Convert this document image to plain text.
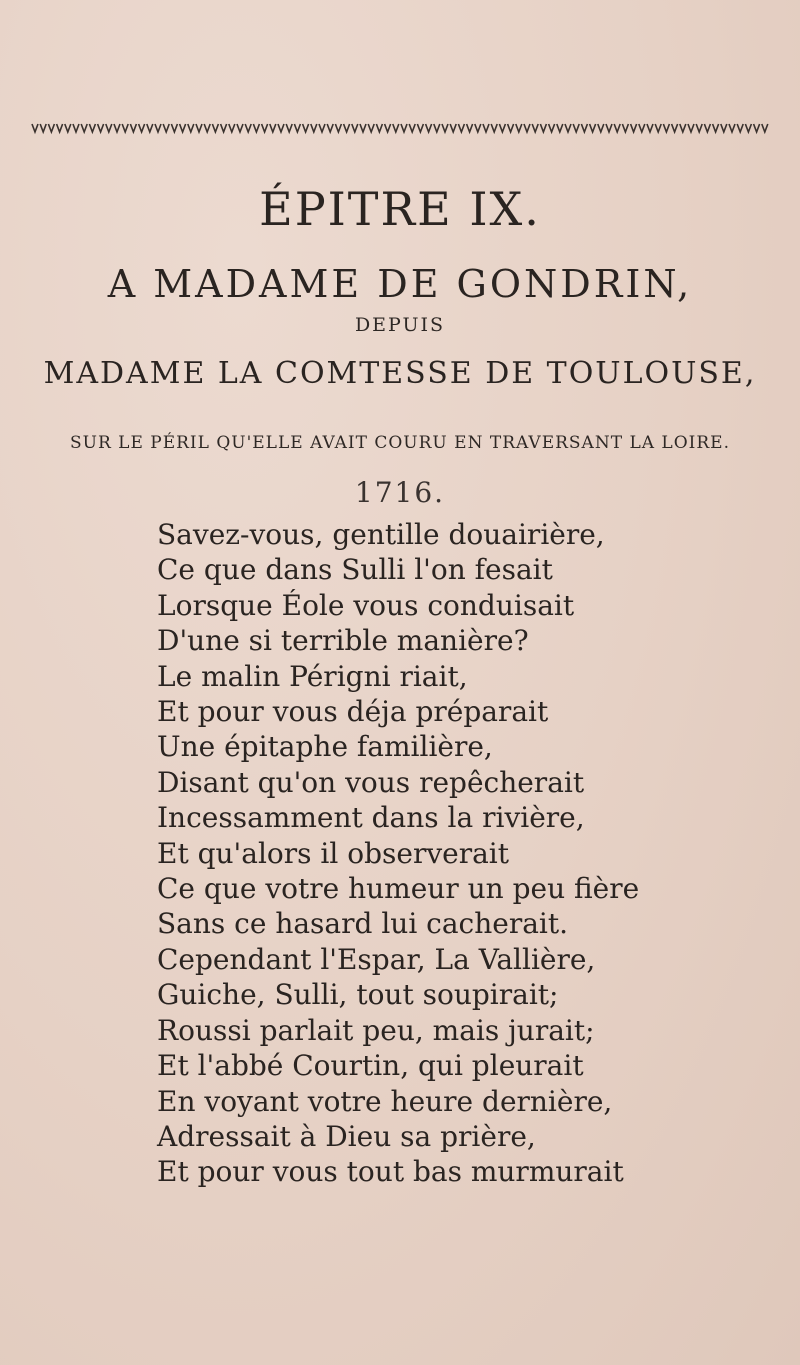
ÉPITRE IX.
A MADAME DE GONDRIN,
DEPUIS
MADAME LA COMTESSE DE TOULOUSE,
SUR LE PÉRIL QU'ELLE AVAIT COURU EN TRAVERSANT LA LOIRE.
1716.
Savez-vous, gentille douairière,
Ce que dans Sulli l'on fesait
Lorsque Éole vous conduisait
D'une si terrible manière?
Le malin Périgni riait,
Et pour vous déja préparait
Une épitaphe familière,
Disant qu'on vous repêcherait
Incessamment dans la rivière,
Et qu'alors il observerait
Ce que votre humeur un peu fière
Sans ce hasard lui cacherait.
Cependant l'Espar, La Vallière,
Guiche, Sulli, tout soupirait;
Roussi parlait peu, mais jurait;
Et l'abbé Courtin, qui pleurait
En voyant votre heure dernière,
Adressait à Dieu sa prière,
Et pour vous tout bas murmurait
